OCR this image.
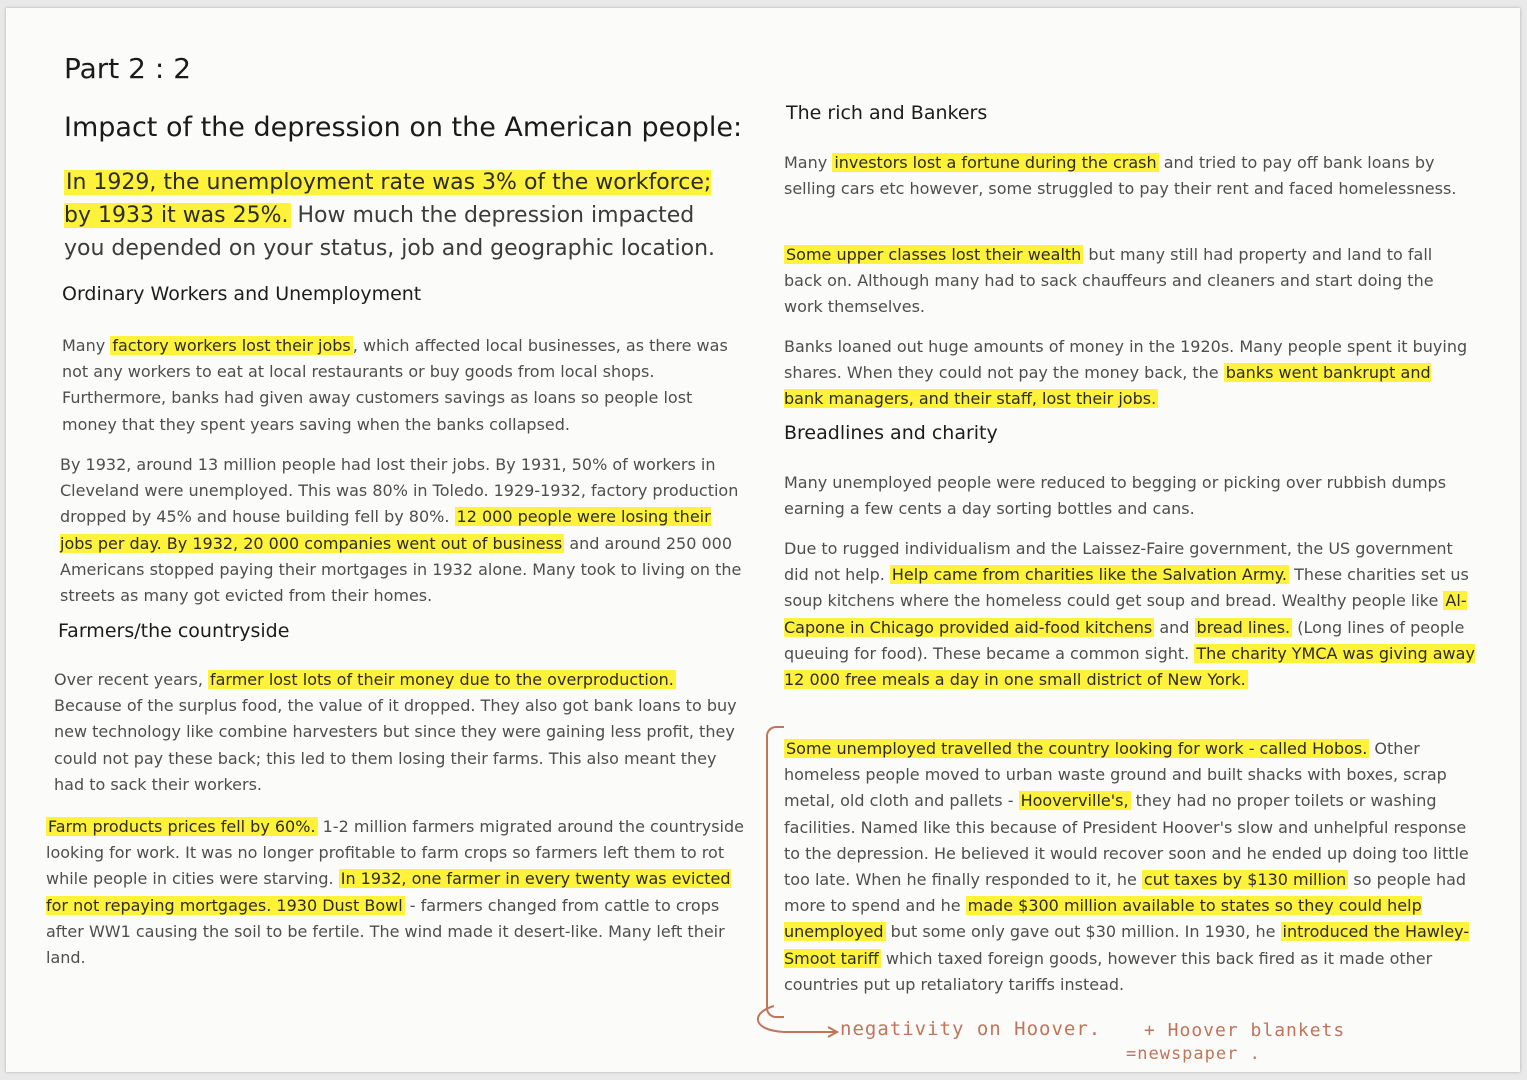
Part 2 : 2
Impact of the depression on the American people:

In 1929, the unemployment rate was 3% of the workforce; by 1933 it was 25%. How much the depression impacted you depended on your status, job and geographic location.

Ordinary Workers and Unemployment

Many factory workers lost their jobs , which affected local businesses, as there was not any workers to eat at local restaurants or buy goods from local shops. Furthermore, banks had given away customers savings as loans so people lost money that they spent years saving when the banks collapsed.

By 1932, around 13 million people had lost their jobs. By 1931, 50% of workers in Cleveland were unemployed. This was 80% in Toledo. 1929-1932, factory production dropped by 45% and house building fell by 80%. 12 000 people were losing their jobs per day. By 1932, 20 000 companies went out of business and around 250 000 Americans stopped paying their mortgages in 1932 alone. Many took to living on the streets as many got evicted from their homes.

Farmers/the countryside

Over recent years, farmer lost lots of their money due to the overproduction. Because of the surplus food, the value of it dropped. They also got bank loans to buy new technology like combine harvesters but since they were gaining less profit, they could not pay these back; this led to them losing their farms. This also meant they had to sack their workers.

Farm products prices fell by 60%. 1-2 million farmers migrated around the countryside looking for work. It was no longer profitable to farm crops so farmers left them to rot while people in cities were starving. In 1932, one farmer in every twenty was evicted for not repaying mortgages. 1930 Dust Bowl - farmers changed from cattle to crops after WW1 causing the soil to be fertile. The wind made it desert-like. Many left their land.

The rich and Bankers

Many investors lost a fortune during the crash and tried to pay off bank loans by selling cars etc however, some struggled to pay their rent and faced homelessness.

Some upper classes lost their wealth but many still had property and land to fall back on. Although many had to sack chauffeurs and cleaners and start doing the work themselves.

Banks loaned out huge amounts of money in the 1920s. Many people spent it buying shares. When they could not pay the money back, the banks went bankrupt and bank managers, and their staff, lost their jobs.

Breadlines and charity

Many unemployed people were reduced to begging or picking over rubbish dumps earning a few cents a day sorting bottles and cans.

Due to rugged individualism and the Laissez-Faire government, the US government did not help. Help came from charities like the Salvation Army. These charities set us soup kitchens where the homeless could get soup and bread. Wealthy people like Al-Capone in Chicago provided aid-food kitchens and bread lines. (Long lines of people queuing for food). These became a common sight. The charity YMCA was giving away 12 000 free meals a day in one small district of New York.

Some unemployed travelled the country looking for work - called Hobos. Other homeless people moved to urban waste ground and built shacks with boxes, scrap metal, old cloth and pallets - Hooverville's, they had no proper toilets or washing facilities. Named like this because of President Hoover's slow and unhelpful response to the depression. He believed it would recover soon and he ended up doing too little too late. When he finally responded to it, he cut taxes by $130 million so people had more to spend and he made $300 million available to states so they could help unemployed but some only gave out $30 million. In 1930, he introduced the Hawley-Smoot tariff which taxed foreign goods, however this back fired as it made other countries put up retaliatory tariffs instead.

negativity on Hoover. + Hoover blankets

=newspaper .
